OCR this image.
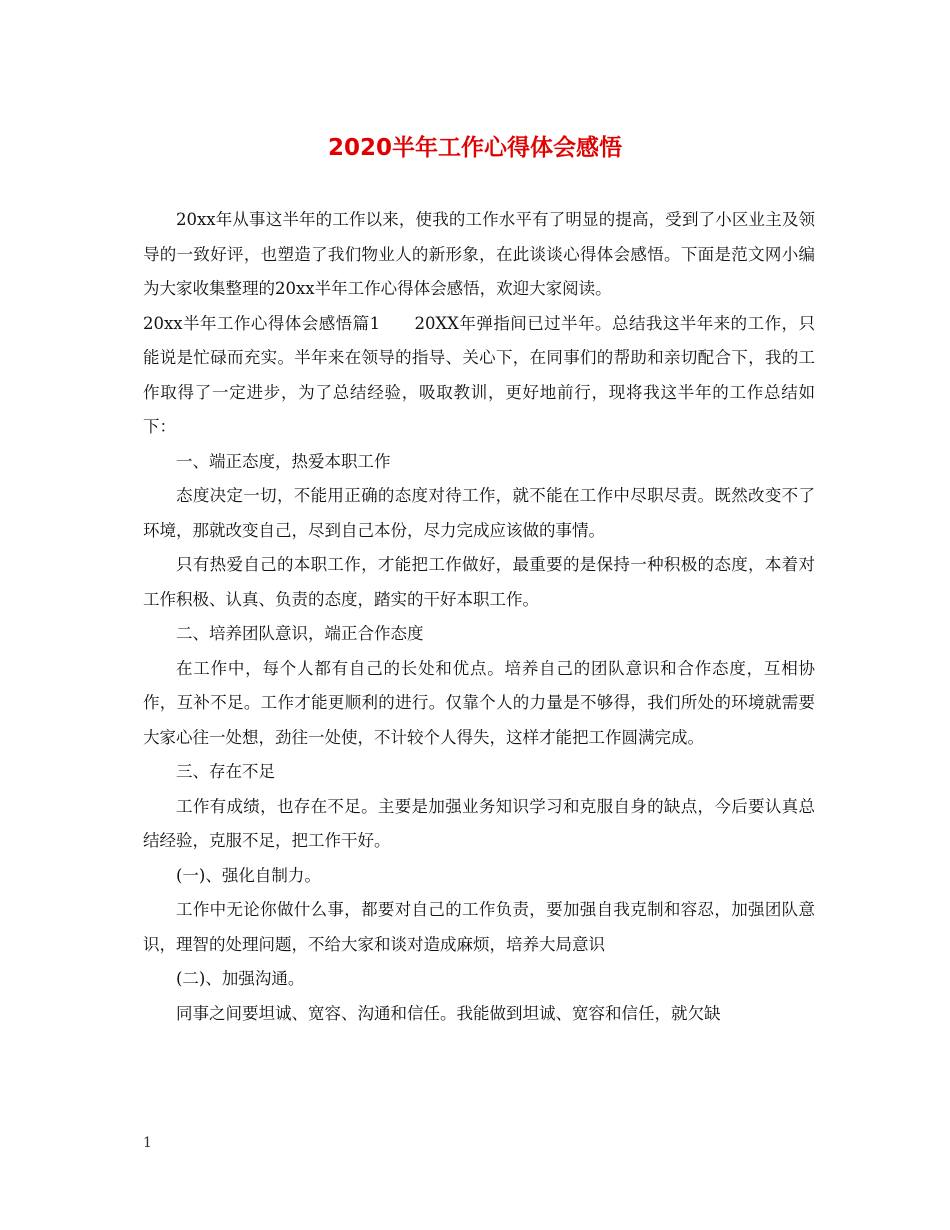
2020半年工作心得体会感悟

20xx年从事这半年的工作以来，使我的工作水平有了明显的提高，受到了小区业主及领导的一致好评，也塑造了我们物业人的新形象，在此谈谈心得体会感悟。下面是范文网小编为大家收集整理的20xx半年工作心得体会感悟，欢迎大家阅读。

20xx半年工作心得体会感悟篇1　　20XX年弹指间已过半年。总结我这半年来的工作，只能说是忙碌而充实。半年来在领导的指导、关心下，在同事们的帮助和亲切配合下，我的工作取得了一定进步，为了总结经验，吸取教训，更好地前行，现将我这半年的工作总结如下：

一、端正态度，热爱本职工作

态度决定一切，不能用正确的态度对待工作，就不能在工作中尽职尽责。既然改变不了环境，那就改变自己，尽到自己本份，尽力完成应该做的事情。

只有热爱自己的本职工作，才能把工作做好，最重要的是保持一种积极的态度，本着对工作积极、认真、负责的态度，踏实的干好本职工作。

二、培养团队意识，端正合作态度

在工作中，每个人都有自己的长处和优点。培养自己的团队意识和合作态度，互相协作，互补不足。工作才能更顺利的进行。仅靠个人的力量是不够得，我们所处的环境就需要大家心往一处想，劲往一处使，不计较个人得失，这样才能把工作圆满完成。

三、存在不足

工作有成绩，也存在不足。主要是加强业务知识学习和克服自身的缺点，今后要认真总结经验，克服不足，把工作干好。

(一)、强化自制力。

工作中无论你做什么事，都要对自己的工作负责，要加强自我克制和容忍，加强团队意识，理智的处理问题，不给大家和谈对造成麻烦，培养大局意识

(二)、加强沟通。

同事之间要坦诚、宽容、沟通和信任。我能做到坦诚、宽容和信任，就欠缺

1
